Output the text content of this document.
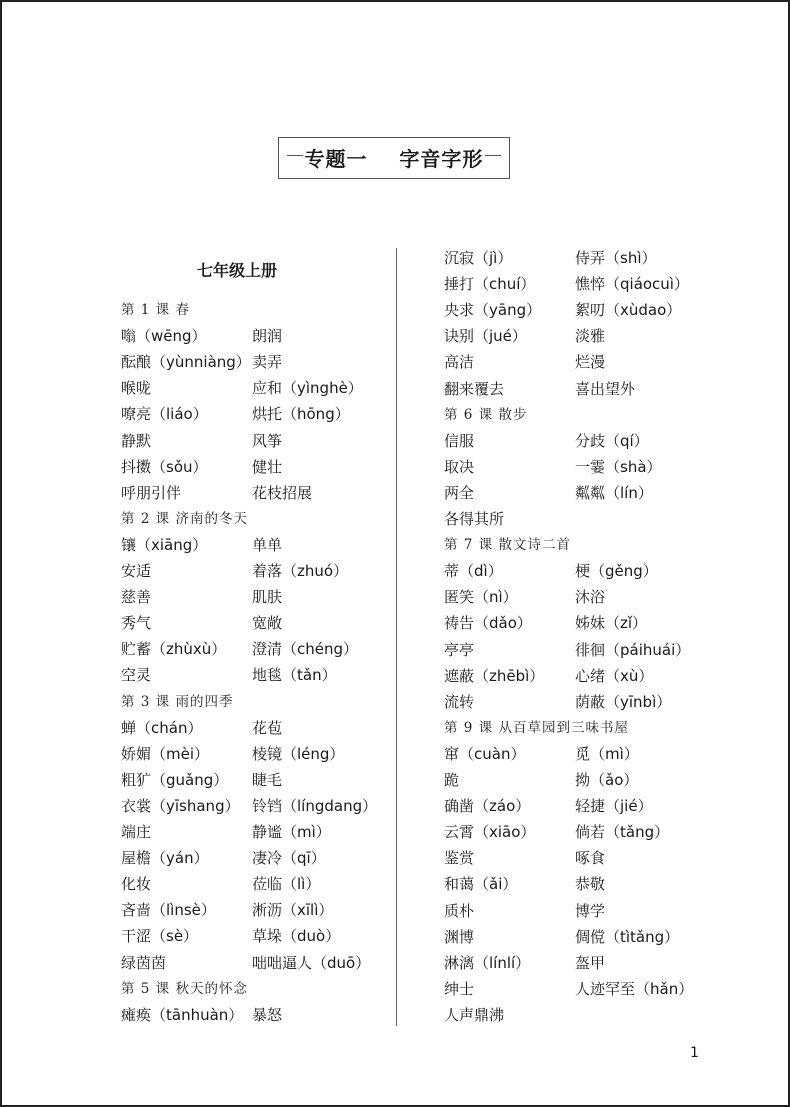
专题一    字音字形
七年级上册
第 1 课 春
嗡（wēng）	朗润
酝酿（yùnniàng） 卖弄
喉咙	应和（yìnghè）
嘹亮（liáo）	烘托（hōng）
静默	风筝
抖擞（sǒu）	健壮
呼朋引伴	花枝招展
第 2 课 济南的冬天
镶（xiāng）	单单
安适	着落（zhuó）
慈善	肌肤
秀气	宽敞
贮蓄（zhùxù） 澄清（chéng）
空灵	地毯（tǎn）
第 3 课 雨的四季
蝉（chán）	花苞
娇媚（mèi）	棱镜（léng）
粗犷（guǎng） 睫毛
衣裳（yīshang） 铃铛（língdang）
端庄	静谧（mì）
屋檐（yán）	凄冷（qī）
化妆	莅临（lì）
吝啬（lìnsè） 淅沥（xīlì）
干涩（sè）	草垛（duò）
绿茵茵	咄咄逼人（duō）
第 5 课 秋天的怀念
瘫痪（tānhuàn） 暴怒
沉寂（jì）	侍弄（shì）
捶打（chuí）	憔悴（qiáocuì）
央求（yāng） 絮叨（xùdao）
诀别（jué）	淡雅
高洁	烂漫
翻来覆去	喜出望外
第 6 课 散步
信服	分歧（qí）
取决	一霎（shà）
两全	粼粼（lín）
各得其所
第 7 课 散文诗二首
蒂（dì）	梗（gěng）
匿笑（nì）	沐浴
祷告（dǎo）	姊妹（zǐ）
亭亭	徘徊（páihuái）
遮蔽（zhēbì） 心绪（xù）
流转	荫蔽（yīnbì）
第 9 课 从百草园到三味书屋
窜（cuàn）	觅（mì）
跪	拗（ǎo）
确凿（záo）	轻捷（jié）
云霄（xiāo）	倘若（tǎng）
鉴赏	啄食
和蔼（ǎi）	恭敬
质朴	博学
渊博	倜傥（tìtǎng）
淋漓（línlí）	盔甲
绅士	人迹罕至（hǎn）
人声鼎沸
1
